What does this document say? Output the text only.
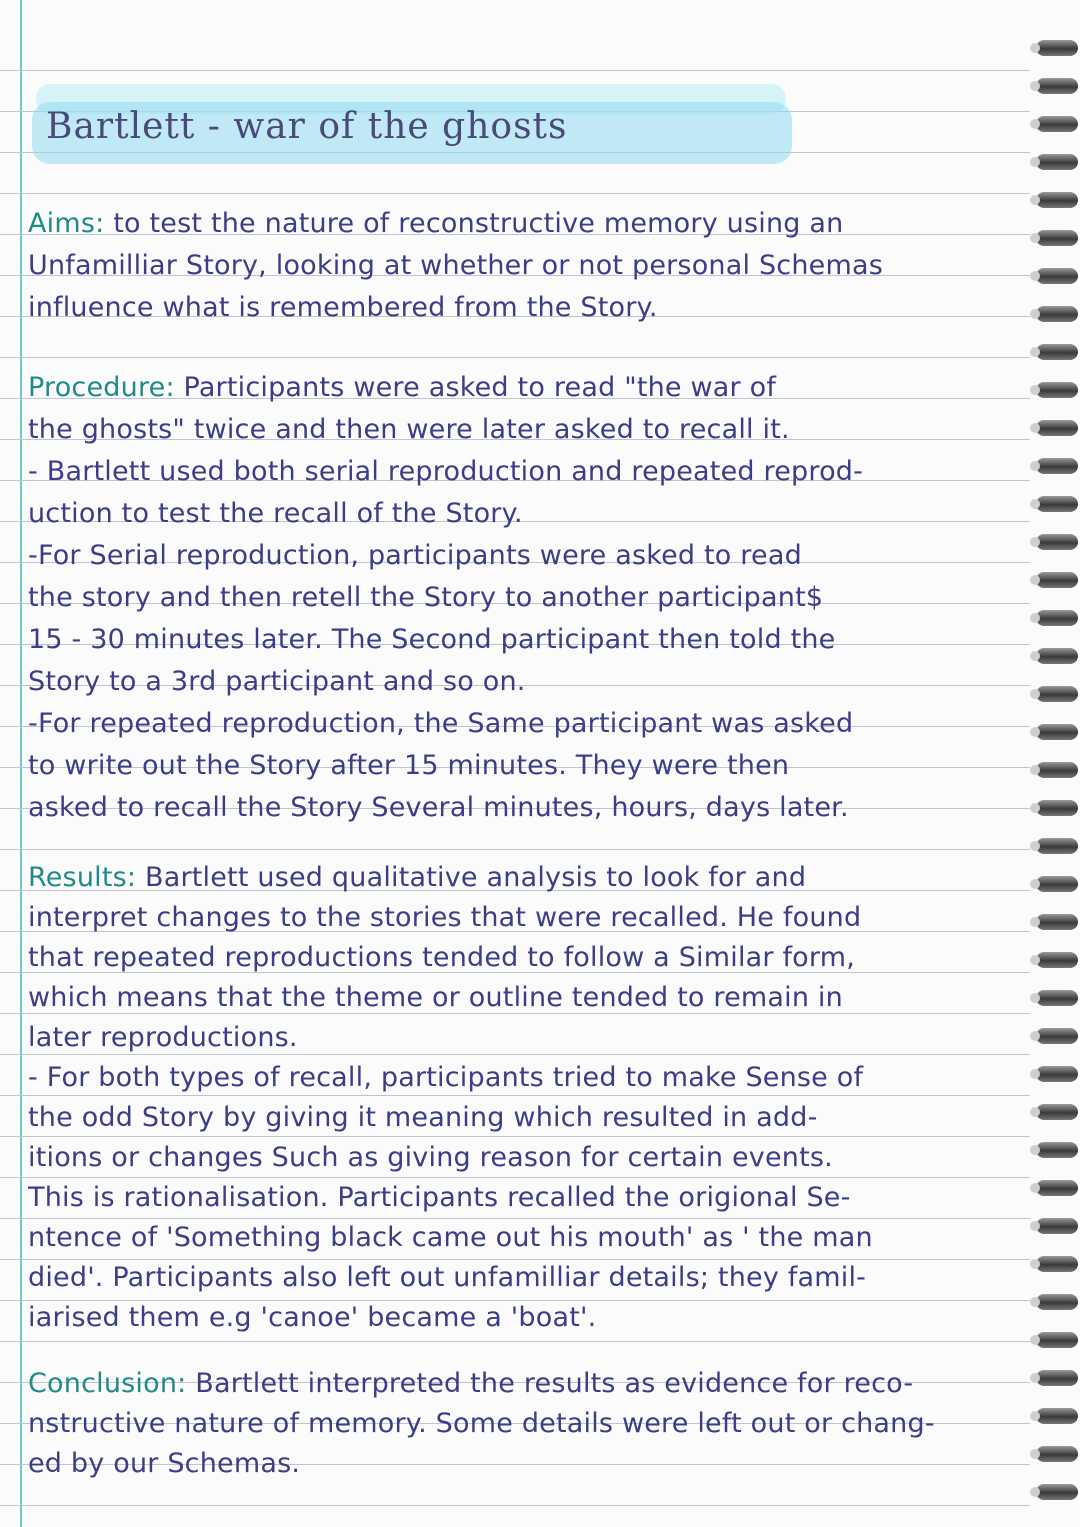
Bartlett - war of the ghosts
Aims: to test the nature of reconstructive memory using an
Unfamilliar Story, looking at whether or not personal Schemas
influence what is remembered from the Story.
Procedure: Participants were asked to read "the war of
the ghosts" twice and then were later asked to recall it.
- Bartlett used both serial reproduction and repeated reprod-
uction to test the recall of the Story.
-For Serial reproduction, participants were asked to read
the story and then retell the Story to another participant$
15 - 30 minutes later. The Second participant then told the
Story to a 3rd participant and so on.
-For repeated reproduction, the Same participant was asked
to write out the Story after 15 minutes. They were then
asked to recall the Story Several minutes, hours, days later.
Results: Bartlett used qualitative analysis to look for and
interpret changes to the stories that were recalled. He found
that repeated reproductions tended to follow a Similar form,
which means that the theme or outline tended to remain in
later reproductions.
- For both types of recall, participants tried to make Sense of
the odd Story by giving it meaning which resulted in add-
itions or changes Such as giving reason for certain events.
This is rationalisation. Participants recalled the origional Se-
ntence of 'Something black came out his mouth' as ' the man
died'. Participants also left out unfamilliar details; they famil-
iarised them e.g 'canoe' became a 'boat'.
Conclusion: Bartlett interpreted the results as evidence for reco-
nstructive nature of memory. Some details were left out or chang-
ed by our Schemas.
